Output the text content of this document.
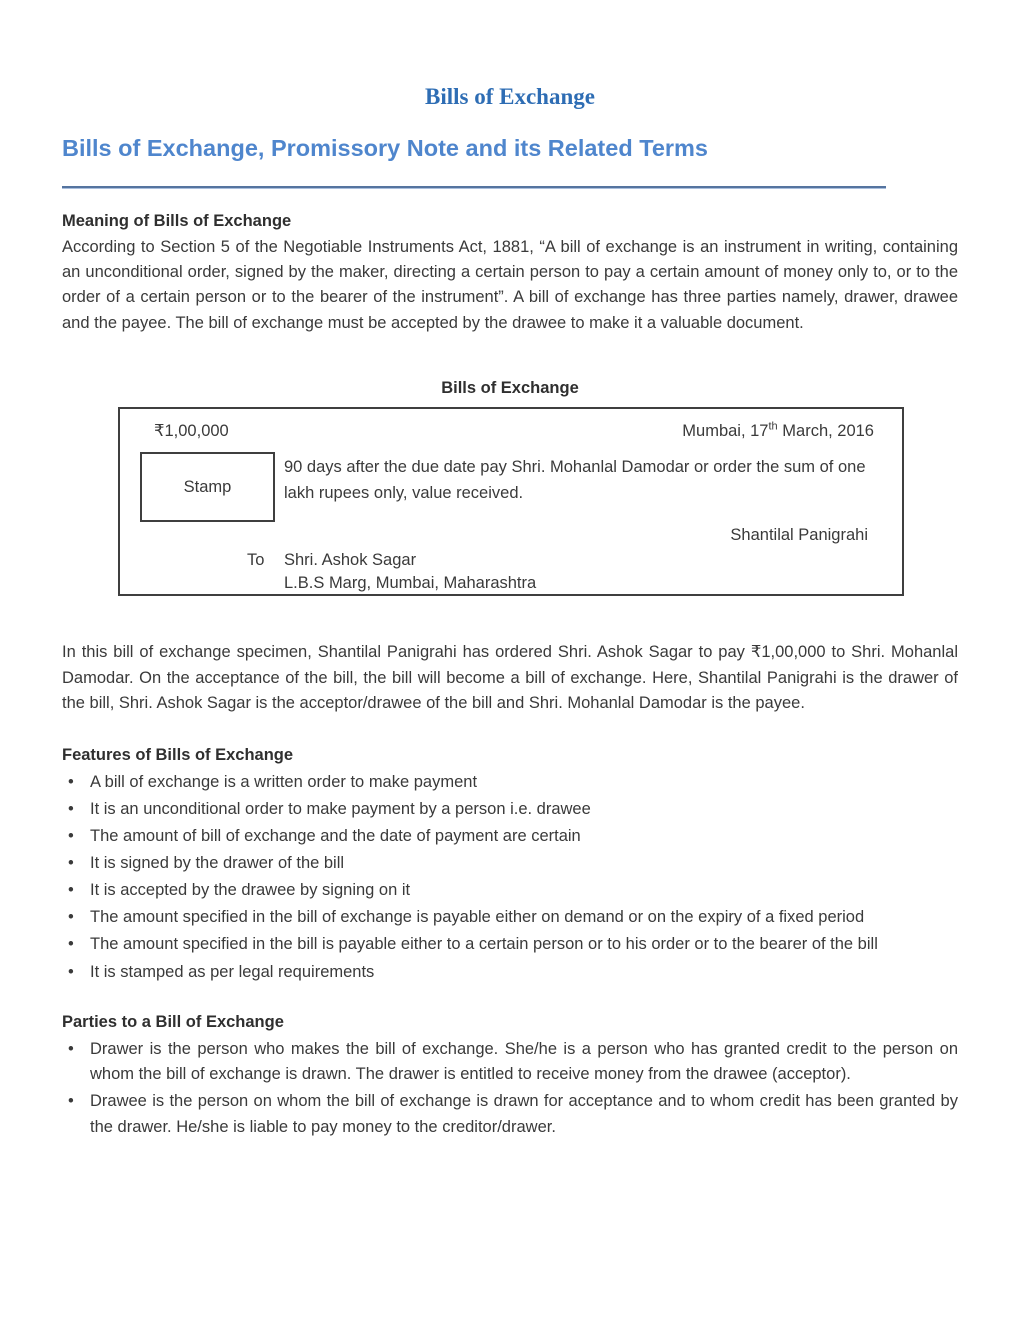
Bills of Exchange
Bills of Exchange, Promissory Note and its Related Terms
Meaning of Bills of Exchange
According to Section 5 of the Negotiable Instruments Act, 1881, “A bill of exchange is an instrument in writing, containing an unconditional order, signed by the maker, directing a certain person to pay a certain amount of money only to, or to the order of a certain person or to the bearer of the instrument”. A bill of exchange has three parties namely, drawer, drawee and the payee. The bill of exchange must be accepted by the drawee to make it a valuable document.
Bills of Exchange
₹1,00,000	Mumbai, 17th March, 2016
Stamp
90 days after the due date pay Shri. Mohanlal Damodar or order the sum of one lakh rupees only, value received.
Shantilal Panigrahi
To	Shri. Ashok Sagar
L.B.S Marg, Mumbai, Maharashtra
In this bill of exchange specimen, Shantilal Panigrahi has ordered Shri. Ashok Sagar to pay ₹1,00,000 to Shri. Mohanlal Damodar. On the acceptance of the bill, the bill will become a bill of exchange. Here, Shantilal Panigrahi is the drawer of the bill, Shri. Ashok Sagar is the acceptor/drawee of the bill and Shri. Mohanlal Damodar is the payee.
Features of Bills of Exchange
• A bill of exchange is a written order to make payment
• It is an unconditional order to make payment by a person i.e. drawee
• The amount of bill of exchange and the date of payment are certain
• It is signed by the drawer of the bill
• It is accepted by the drawee by signing on it
• The amount specified in the bill of exchange is payable either on demand or on the expiry of a fixed period
• The amount specified in the bill is payable either to a certain person or to his order or to the bearer of the bill
• It is stamped as per legal requirements
Parties to a Bill of Exchange
• Drawer is the person who makes the bill of exchange. She/he is a person who has granted credit to the person on whom the bill of exchange is drawn. The drawer is entitled to receive money from the drawee (acceptor).
• Drawee is the person on whom the bill of exchange is drawn for acceptance and to whom credit has been granted by the drawer. He/she is liable to pay money to the creditor/drawer.
